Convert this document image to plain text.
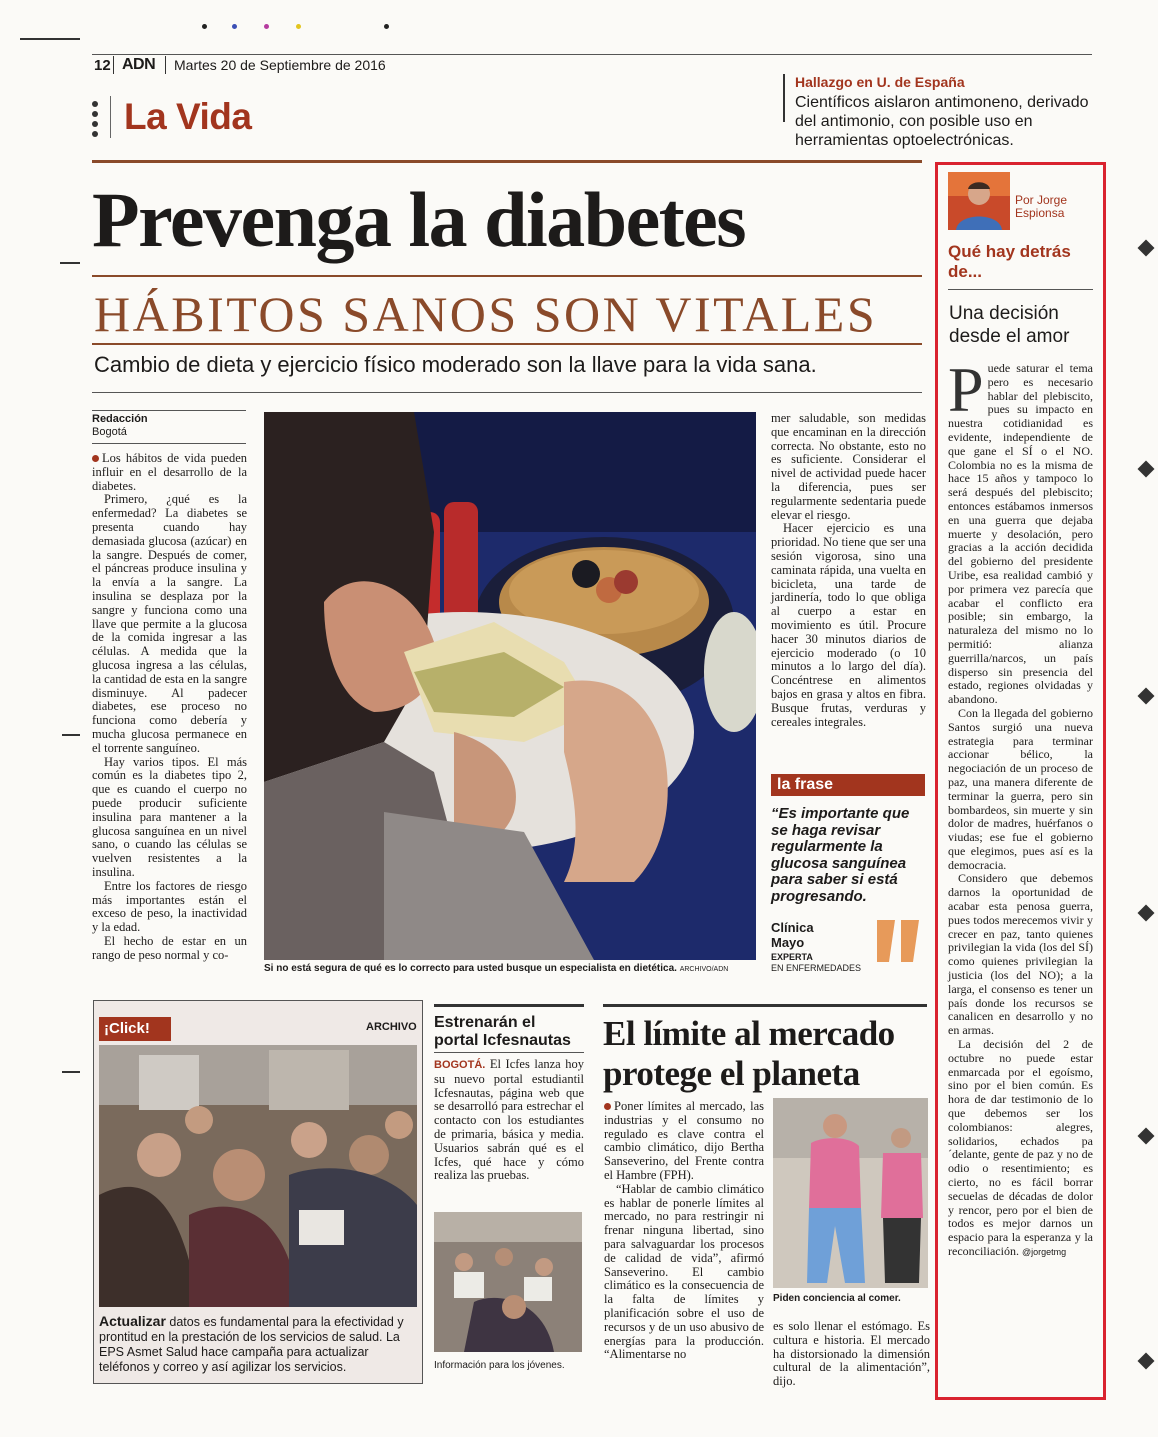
12 ADN Martes 20 de Septiembre de 2016
La Vida
Hallazgo en U. de España
Científicos aislaron antimoneno, derivado del antimonio, con posible uso en herramientas optoelectrónicas.
Prevenga la diabetes
HÁBITOS SANOS SON VITALES
Cambio de dieta y ejercicio físico moderado son la llave para la vida sana.
Redacción
Bogotá

Los hábitos de vida pueden influir en el desarrollo de la diabetes.

Primero, ¿qué es la enfermedad? La diabetes se presenta cuando hay demasiada glucosa (azúcar) en la sangre. Después de comer, el páncreas produce insulina y la envía a la sangre. La insulina se desplaza por la sangre y funciona como una llave que permite a la glucosa de la comida ingresar a las células. A medida que la glucosa ingresa a las células, la cantidad de esta en la sangre disminuye. Al padecer diabetes, ese proceso no funciona como debería y mucha glucosa permanece en el torrente sanguíneo.

Hay varios tipos. El más común es la diabetes tipo 2, que es cuando el cuerpo no puede producir suficiente insulina para mantener a la glucosa sanguínea en un nivel sano, o cuando las células se vuelven resistentes a la insulina.

Entre los factores de riesgo más importantes están el exceso de peso, la inactividad y la edad.

El hecho de estar en un rango de peso normal y co-

Si no está segura de qué es lo correcto para usted busque un especialista en dietética. ARCHIVO/ADN

mer saludable, son medidas que encaminan en la dirección correcta. No obstante, esto no es suficiente. Considerar el nivel de actividad puede hacer la diferencia, pues ser regularmente sedentaria puede elevar el riesgo.

Hacer ejercicio es una prioridad. No tiene que ser una sesión vigorosa, sino una caminata rápida, una vuelta en bicicleta, una tarde de jardinería, todo lo que obliga al cuerpo a estar en movimiento es útil. Procure hacer 30 minutos diarios de ejercicio moderado (o 10 minutos a lo largo del día). Concéntrese en alimentos bajos en grasa y altos en fibra. Busque frutas, verduras y cereales integrales.

la frase
“Es importante que se haga revisar regularmente la glucosa sanguínea para saber si está progresando.
Clínica Mayo
EXPERTA
EN ENFERMEDADES
Por Jorge Espionsa
Qué hay detrás de...
Una decisión desde el amor

Puede saturar el tema pero es necesario hablar del plebiscito, pues su impacto en nuestra cotidianidad es evidente, independiente de que gane el SÍ o el NO. Colombia no es la misma de hace 15 años y tampoco lo será después del plebiscito; entonces estábamos inmersos en una guerra que dejaba muerte y desolación, pero gracias a la acción decidida del gobierno del presidente Uribe, esa realidad cambió y por primera vez parecía que acabar el conflicto era posible; sin embargo, la naturaleza del mismo no lo permitió: alianza guerrilla/narcos, un país disperso sin presencia del estado, regiones olvidadas y abandono.

Con la llegada del gobierno Santos surgió una nueva estrategia para terminar accionar bélico, la negociación de un proceso de paz, una manera diferente de terminar la guerra, pero sin bombardeos, sin muerte y sin dolor de madres, huérfanos o viudas; ese fue el gobierno que elegimos, pues así es la democracia.

Considero que debemos darnos la oportunidad de acabar esta penosa guerra, pues todos merecemos vivir y crecer en paz, tanto quienes privilegian la vida (los del SÍ) como quienes privilegian la justicia (los del NO); a la larga, el consenso es tener un país donde los recursos se canalicen en desarrollo y no en armas.

La decisión del 2 de octubre no puede estar enmarcada por el egoísmo, sino por el bien común. Es hora de dar testimonio de lo que debemos ser los colombianos: alegres, solidarios, echados pa´delante, gente de paz y no de odio o resentimiento; es cierto, no es fácil borrar secuelas de décadas de dolor y rencor, pero por el bien de todos es mejor darnos un espacio para la esperanza y la reconciliación. @jorgetmg

¡Click!	ARCHIVO
Actualizar datos es fundamental para la efectividad y prontitud en la prestación de los servicios de salud. La EPS Asmet Salud hace campaña para actualizar teléfonos y correo y así agilizar los servicios.
Estrenarán el portal Icfesnautas

BOGOTÁ. El Icfes lanza hoy su nuevo portal estudiantil Icfesnautas, página web que se desarrolló para estrechar el contacto con los estudiantes de primaria, básica y media. Usuarios sabrán qué es el Icfes, qué hace y cómo realiza las pruebas.

Información para los jóvenes.
El límite al mercado protege el planeta

Poner límites al mercado, las industrias y el consumo no regulado es clave contra el cambio climático, dijo Bertha Sanseverino, del Frente contra el Hambre (FPH).

“Hablar de cambio climático es hablar de ponerle límites al mercado, no para restringir ni frenar ninguna libertad, sino para salvaguardar los procesos de calidad de vida”, afirmó Sanseverino. El cambio climático es la consecuencia de la falta de límites y planificación sobre el uso de recursos y de un uso abusivo de energías para la producción. “Alimentarse no

Piden conciencia al comer.

es solo llenar el estómago. Es cultura e historia. El mercado ha distorsionado la dimensión cultural de la alimentación”, dijo.
